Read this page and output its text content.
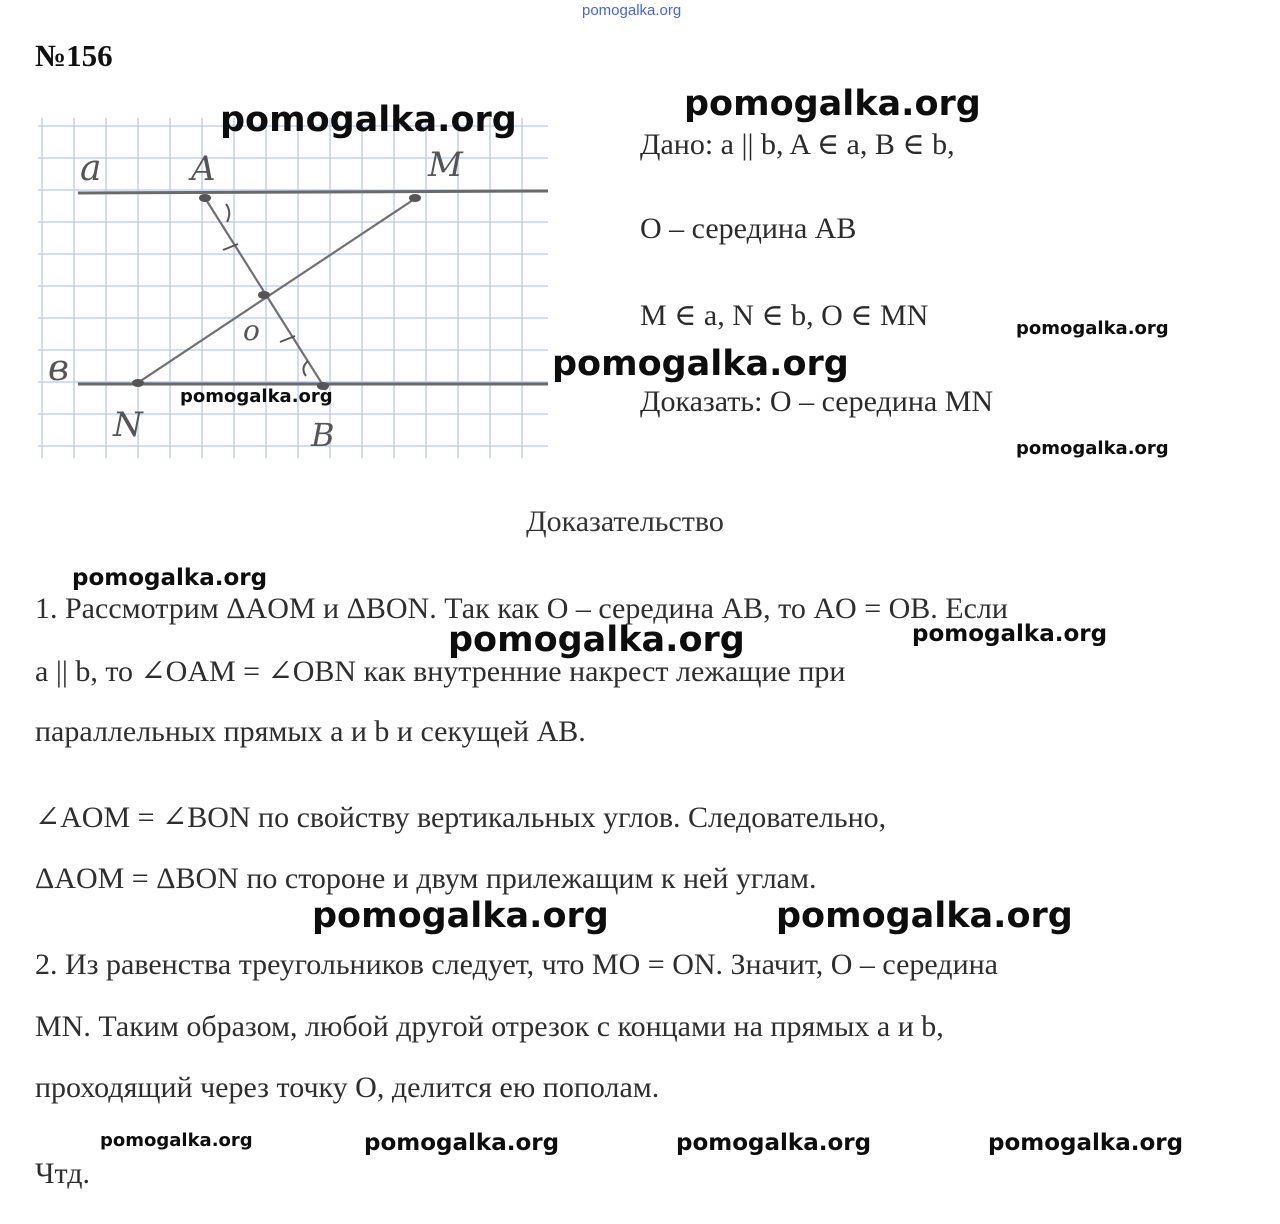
pomogalka.org
№156
a
в
A	M
o
N	B
Дано: a || b, A ∈ a, B ∈ b,
O – середина AB
M ∈ a, N ∈ b, O ∈ MN
Доказать: O – середина MN
Доказательство
1. Рассмотрим ΔAOM и ΔBON. Так как O – середина AB, то AO = OB. Если
a || b, то ∠OAM = ∠OBN как внутренние накрест лежащие при
параллельных прямых a и b и секущей AB.
∠AOM = ∠BON по свойству вертикальных углов. Следовательно,
ΔAOM = ΔBON по стороне и двум прилежащим к ней углам.
2. Из равенства треугольников следует, что MO = ON. Значит, O – середина
MN. Таким образом, любой другой отрезок с концами на прямых a и b,
проходящий через точку O, делится ею пополам.
Чтд.
pomogalka.org	pomogalka.org
pomogalka.org
pomogalka.org
pomogalka.org
pomogalka.org
pomogalka.org
pomogalka.org	pomogalka.org
pomogalka.org	pomogalka.org
pomogalka.org	pomogalka.org	pomogalka.org	pomogalka.org
